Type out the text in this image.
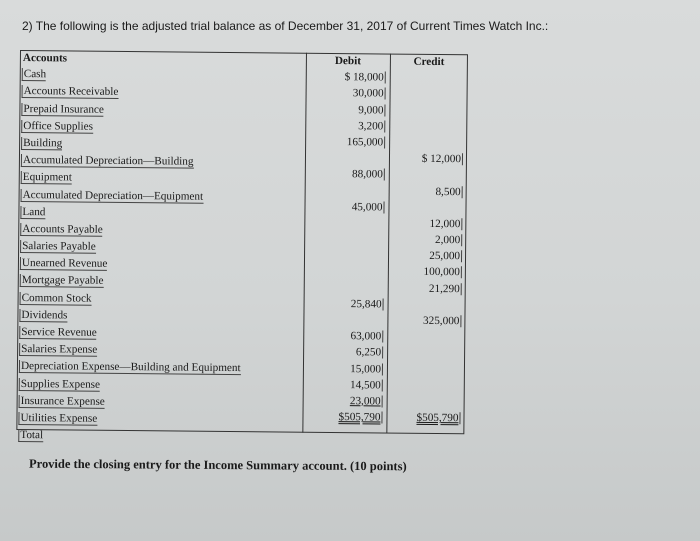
2) The following is the adjusted trial balance as of December 31, 2017 of Current Times Watch Inc.:
Accounts
Cash
Accounts Receivable
Prepaid Insurance
Office Supplies
Building
Accumulated Depreciation—Building
Equipment
Accumulated Depreciation—Equipment
Land
Accounts Payable
Salaries Payable
Unearned Revenue
Mortgage Payable
Common Stock
Dividends
Service Revenue
Salaries Expense
Depreciation Expense—Building and Equipment
Supplies Expense
Insurance Expense
Utilities Expense
Total
Debit
$ 18,000
30,000
9,000
3,200
165,000
88,000
45,000
25,840
63,000
6,250
15,000
14,500
23,000
$505,790
Credit
$ 12,000
8,500
12,000
2,000
25,000
100,000
21,290
325,000
$505,790
Provide the closing entry for the Income Summary account. (10 points)
